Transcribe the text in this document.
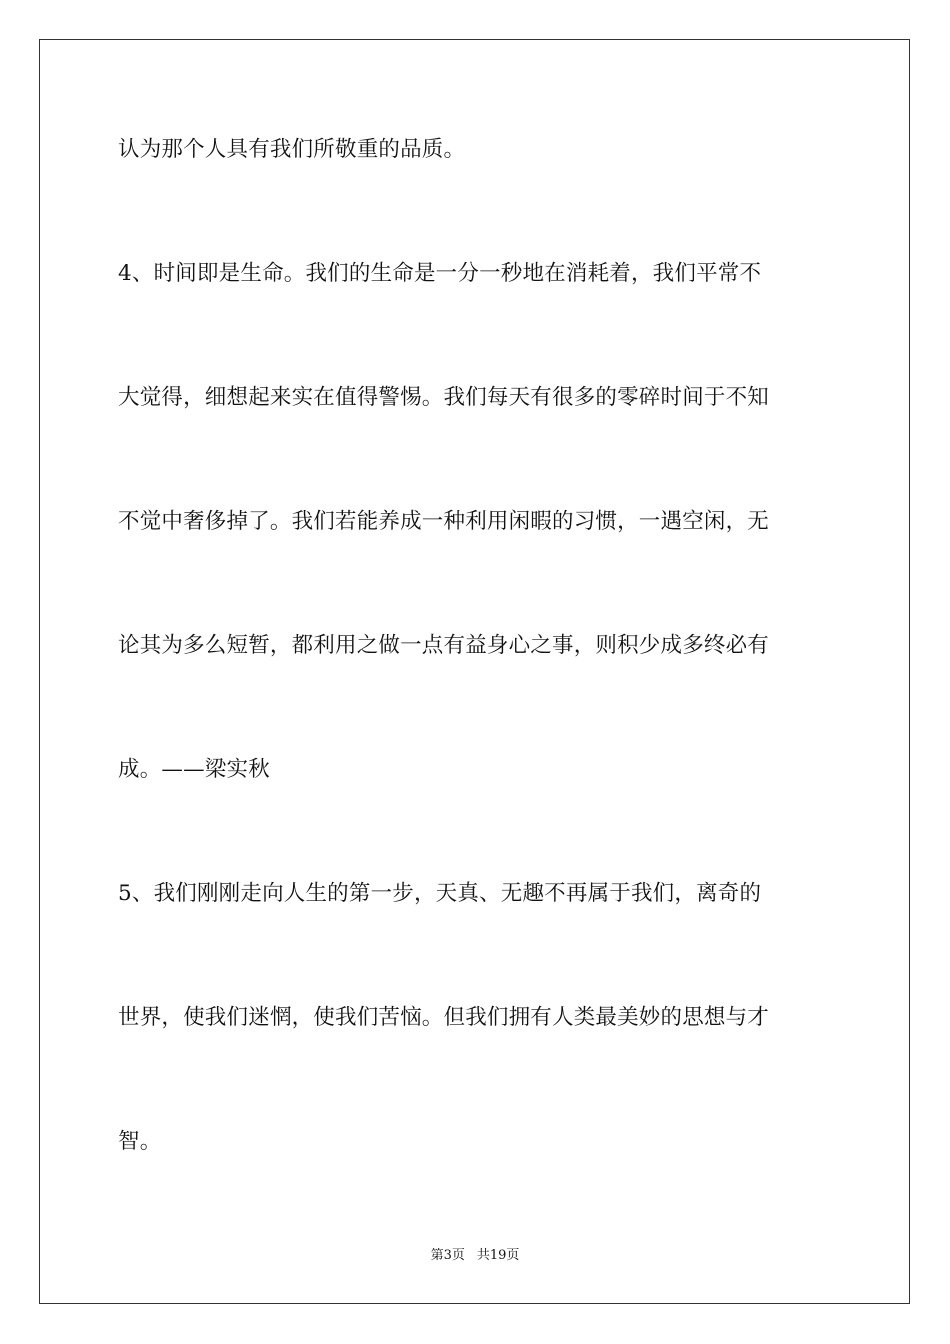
认为那个人具有我们所敬重的品质。
4、时间即是生命。我们的生命是一分一秒地在消耗着，我们平常不
大觉得，细想起来实在值得警惕。我们每天有很多的零碎时间于不知
不觉中奢侈掉了。我们若能养成一种利用闲暇的习惯，一遇空闲，无
论其为多么短暂，都利用之做一点有益身心之事，则积少成多终必有
成。——梁实秋
5、我们刚刚走向人生的第一步，天真、无趣不再属于我们，离奇的
世界，使我们迷惘，使我们苦恼。但我们拥有人类最美妙的思想与才
智。
第3页 共19页
